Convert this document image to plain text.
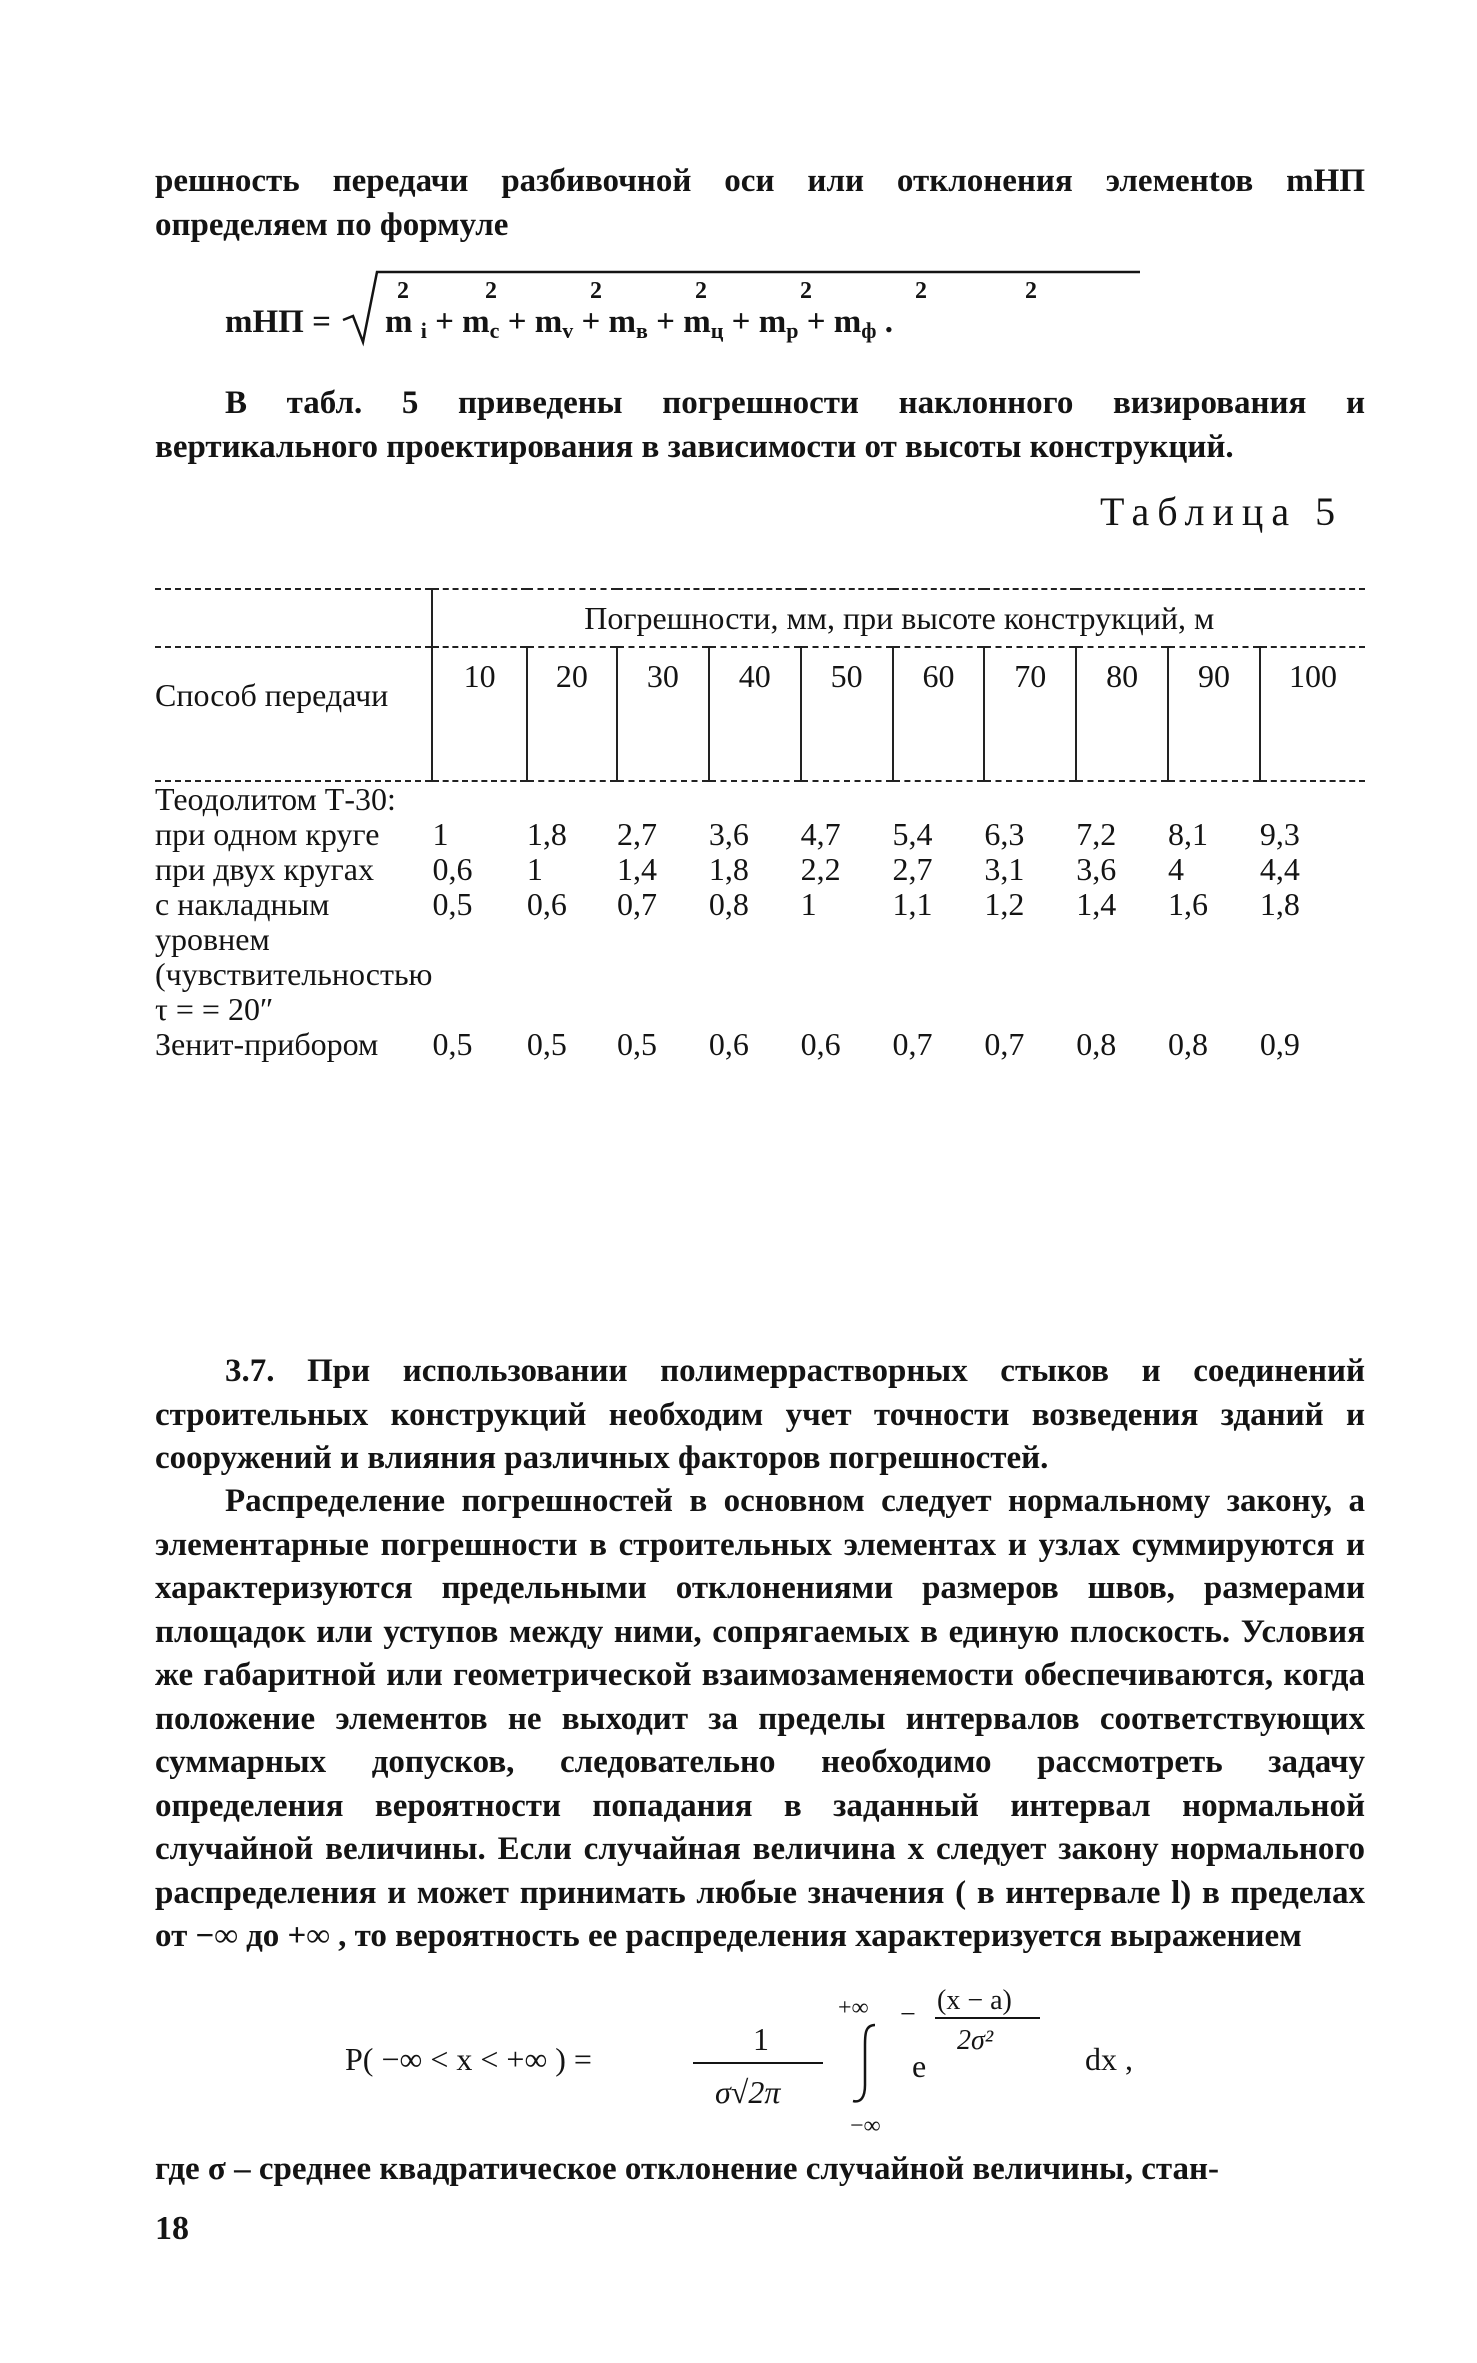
решность передачи разбивочной оси или отклонения элеменtов mНП определяем по формуле

mНП = m i + mc + mv + mв + mц + mp + mф .
2	2	2	2	2	2	2

В табл. 5 приведены погрешности наклонного визирования и вертикального проектирования в зависимости от высоты конструкций.

Таблица 5
	Погрешности, мм, при высоте конструкций, м									
Способ передачи	10	20	30	40	50	60	70	80	90	100
Теодолитом Т-30:										
при одном круге	1	1,8	2,7	3,6	4,7	5,4	6,3	7,2	8,1	9,3
при двух кругах	0,6	1	1,4	1,8	2,2	2,7	3,1	3,6	4	4,4
с накладным уровнем (чувствительностью τ = = 20″	0,5	0,6	0,7	0,8	1	1,1	1,2	1,4	1,6	1,8
Зенит-прибором	0,5	0,5	0,5	0,6	0,6	0,7	0,7	0,8	0,8	0,9

3.7. При использовании полимеррастворных стыков и соединений строительных конструкций необходим учет точности возведения зданий и сооружений и влияния различных факторов погрешностей.

Распределение погрешностей в основном следует нормальному закону, а элементарные погрешности в строительных элементах и узлах суммируются и характеризуются предельными отклонениями размеров швов, размерами площадок или уступов между ними, сопрягаемых в единую плоскость. Условия же габаритной или геометрической взаимозаменяемости обеспечиваются, когда положение элементов не выходит за пределы интервалов соответствующих суммарных допусков, следовательно необходимо рассмотреть задачу определения вероятности попадания в заданный интервал нормальной случайной величины. Если случайная величина x следует закону нормального распределения и может принимать любые значения ( в интервале l) в пределах от −∞ до +∞ , то вероятность ее распределения характеризуется выражением

P( −∞ < x < +∞ ) =
1
σ√2π
+∞
−∞
e
− (x − a)
2σ²
dx ,

где σ – среднее квадратическое отклонение случайной величины, стан-

18
